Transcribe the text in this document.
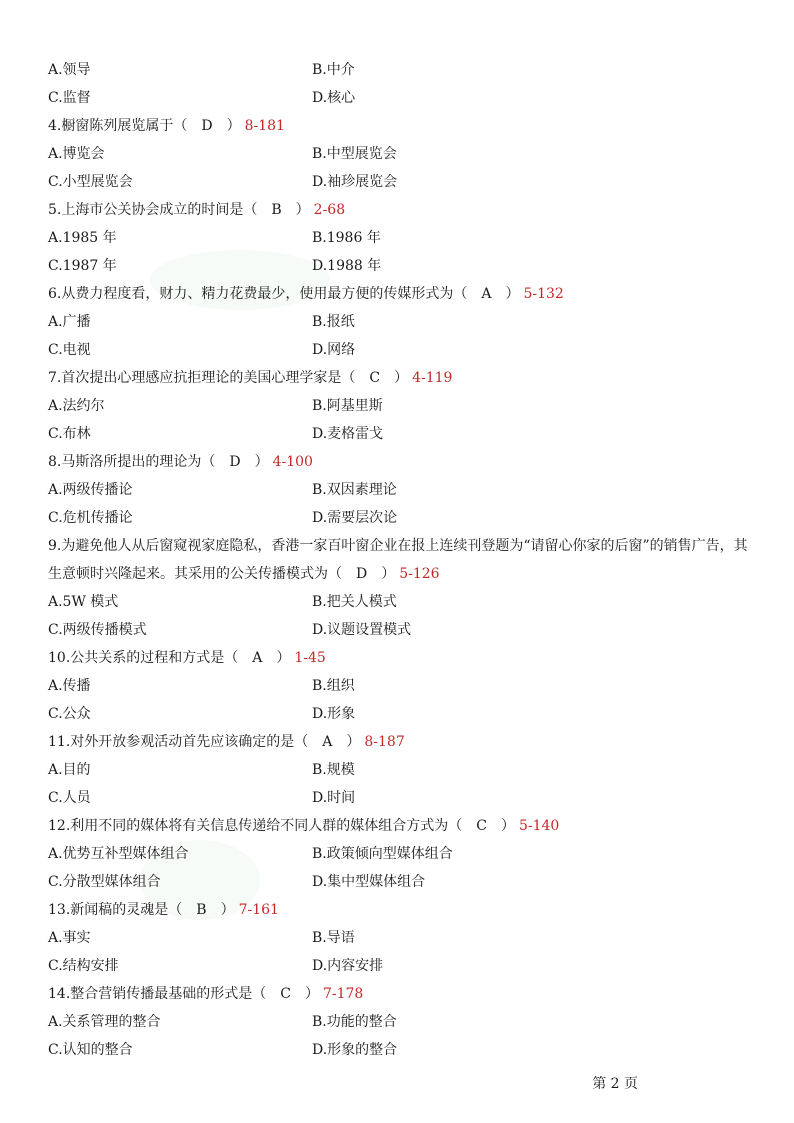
A.领导	B.中介
C.监督	D.核心
4.橱窗陈列展览属于（ D ） 8-181
A.博览会	B.中型展览会
C.小型展览会	D.袖珍展览会
5.上海市公关协会成立的时间是（ B ） 2-68
A.1985 年	B.1986 年
C.1987 年	D.1988 年
6.从费力程度看，财力、精力花费最少，使用最方便的传媒形式为（ A ） 5-132
A.广播	B.报纸
C.电视	D.网络
7.首次提出心理感应抗拒理论的美国心理学家是（ C ） 4-119
A.法约尔	B.阿基里斯
C.布林	D.麦格雷戈
8.马斯洛所提出的理论为（ D ） 4-100
A.两级传播论	B.双因素理论
C.危机传播论	D.需要层次论
9.为避免他人从后窗窥视家庭隐私，香港一家百叶窗企业在报上连续刊登题为“请留心你家的后窗”的销售广告，其
生意顿时兴隆起来。其采用的公关传播模式为（ D ） 5-126
A.5W 模式	B.把关人模式
C.两级传播模式	D.议题设置模式
10.公共关系的过程和方式是（ A ） 1-45
A.传播	B.组织
C.公众	D.形象
11.对外开放参观活动首先应该确定的是（ A ） 8-187
A.目的	B.规模
C.人员	D.时间
12.利用不同的媒体将有关信息传递给不同人群的媒体组合方式为（ C ） 5-140
A.优势互补型媒体组合	B.政策倾向型媒体组合
C.分散型媒体组合	D.集中型媒体组合
13.新闻稿的灵魂是（ B ） 7-161
A.事实	B.导语
C.结构安排	D.内容安排
14.整合营销传播最基础的形式是（ C ） 7-178
A.关系管理的整合	B.功能的整合
C.认知的整合	D.形象的整合
第 2 页
